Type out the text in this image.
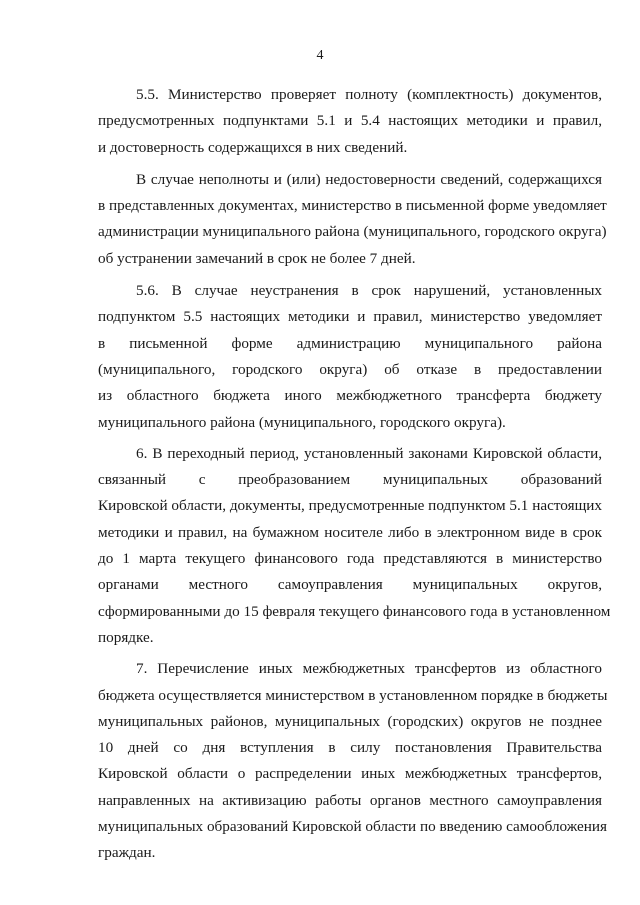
4

5.5. Министерство проверяет полноту (комплектность) документов,
предусмотренных подпунктами 5.1 и 5.4 настоящих методики и правил,
и достоверность содержащихся в них сведений.

В случае неполноты и (или) недостоверности сведений, содержащихся
в представленных документах, министерство в письменной форме уведомляет
администрации муниципального района (муниципального, городского округа)
об устранении замечаний в срок не более 7 дней.

5.6. В случае неустранения в срок нарушений, установленных
подпунктом 5.5 настоящих методики и правил, министерство уведомляет
в письменной форме администрацию муниципального района
(муниципального, городского округа) об отказе в предоставлении
из областного бюджета иного межбюджетного трансферта бюджету
муниципального района (муниципального, городского округа).

6. В переходный период, установленный законами Кировской области,
связанный с преобразованием муниципальных образований
Кировской области, документы, предусмотренные подпунктом 5.1 настоящих
методики и правил, на бумажном носителе либо в электронном виде в срок
до 1 марта текущего финансового года представляются в министерство
органами местного самоуправления муниципальных округов,
сформированными до 15 февраля текущего финансового года в установленном
порядке.

7. Перечисление иных межбюджетных трансфертов из областного
бюджета осуществляется министерством в установленном порядке в бюджеты
муниципальных районов, муниципальных (городских) округов не позднее
10 дней со дня вступления в силу постановления Правительства
Кировской области о распределении иных межбюджетных трансфертов,
направленных на активизацию работы органов местного самоуправления
муниципальных образований Кировской области по введению самообложения
граждан.
